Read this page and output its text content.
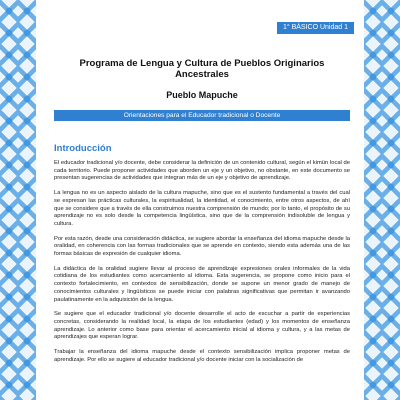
1° BÁSICO Unidad 1
Programa de Lengua y Cultura de Pueblos Originarios Ancestrales
Pueblo Mapuche
Orientaciones para el Educador tradicional o Docente
Introducción

El educador tradicional y/o docente, debe considerar la definición de un contenido cultural, según el kimün local de cada territorio. Puede proponer actividades que aborden un eje y un objetivo, no obstante, en este documento se presentan sugerencias de actividades que integran más de un eje y objetivo de aprendizaje.

La lengua no es un aspecto aislado de la cultura mapuche, sino que es el sustento fundamental a través del cual se expresan las prácticas culturales, la espiritualidad, la identidad, el conocimiento, entre otros aspectos, de ahí que se considere que a través de ella construimos nuestra comprensión de mundo; por lo tanto, el propósito de su aprendizaje no es solo desde la competencia lingüística, sino que de la comprensión indisoluble de lengua y cultura.

Por esta razón, desde una consideración didáctica, se sugiere abordar la enseñanza del idioma mapuche desde la oralidad, en coherencia con las formas tradicionales que se aprende en contexto, siendo esta además una de las formas básicas de expresión de cualquier idioma.

La didáctica de la oralidad sugiere llevar al proceso de aprendizaje expresiones orales informales de la vida cotidiana de los estudiantes como acercamiento al idioma. Esta sugerencia, se propone como inicio para el contexto fortalecimiento, en contextos de sensibilización, donde se supone un menor grado de manejo de conocimientos culturales y lingüísticos se puede iniciar con palabras significativas que permitan ir avanzando paulatinamente en la adquisición de la lengua.

Se sugiere que el educador tradicional y/o docente desarrolle el acto de escuchar a partir de experiencias concretas, considerando la realidad local, la etapa de los estudiantes (edad) y los momentos de enseñanza aprendizaje. Lo anterior como base para orientar el acercamiento inicial al idioma y cultura, y a las metas de aprendizajes que esperan lograr.

Trabajar la enseñanza del idioma mapuche desde el contexto sensibilización implica proponer metas de aprendizaje. Por ello se sugiere al educador tradicional y/o docente iniciar con la socialización de
